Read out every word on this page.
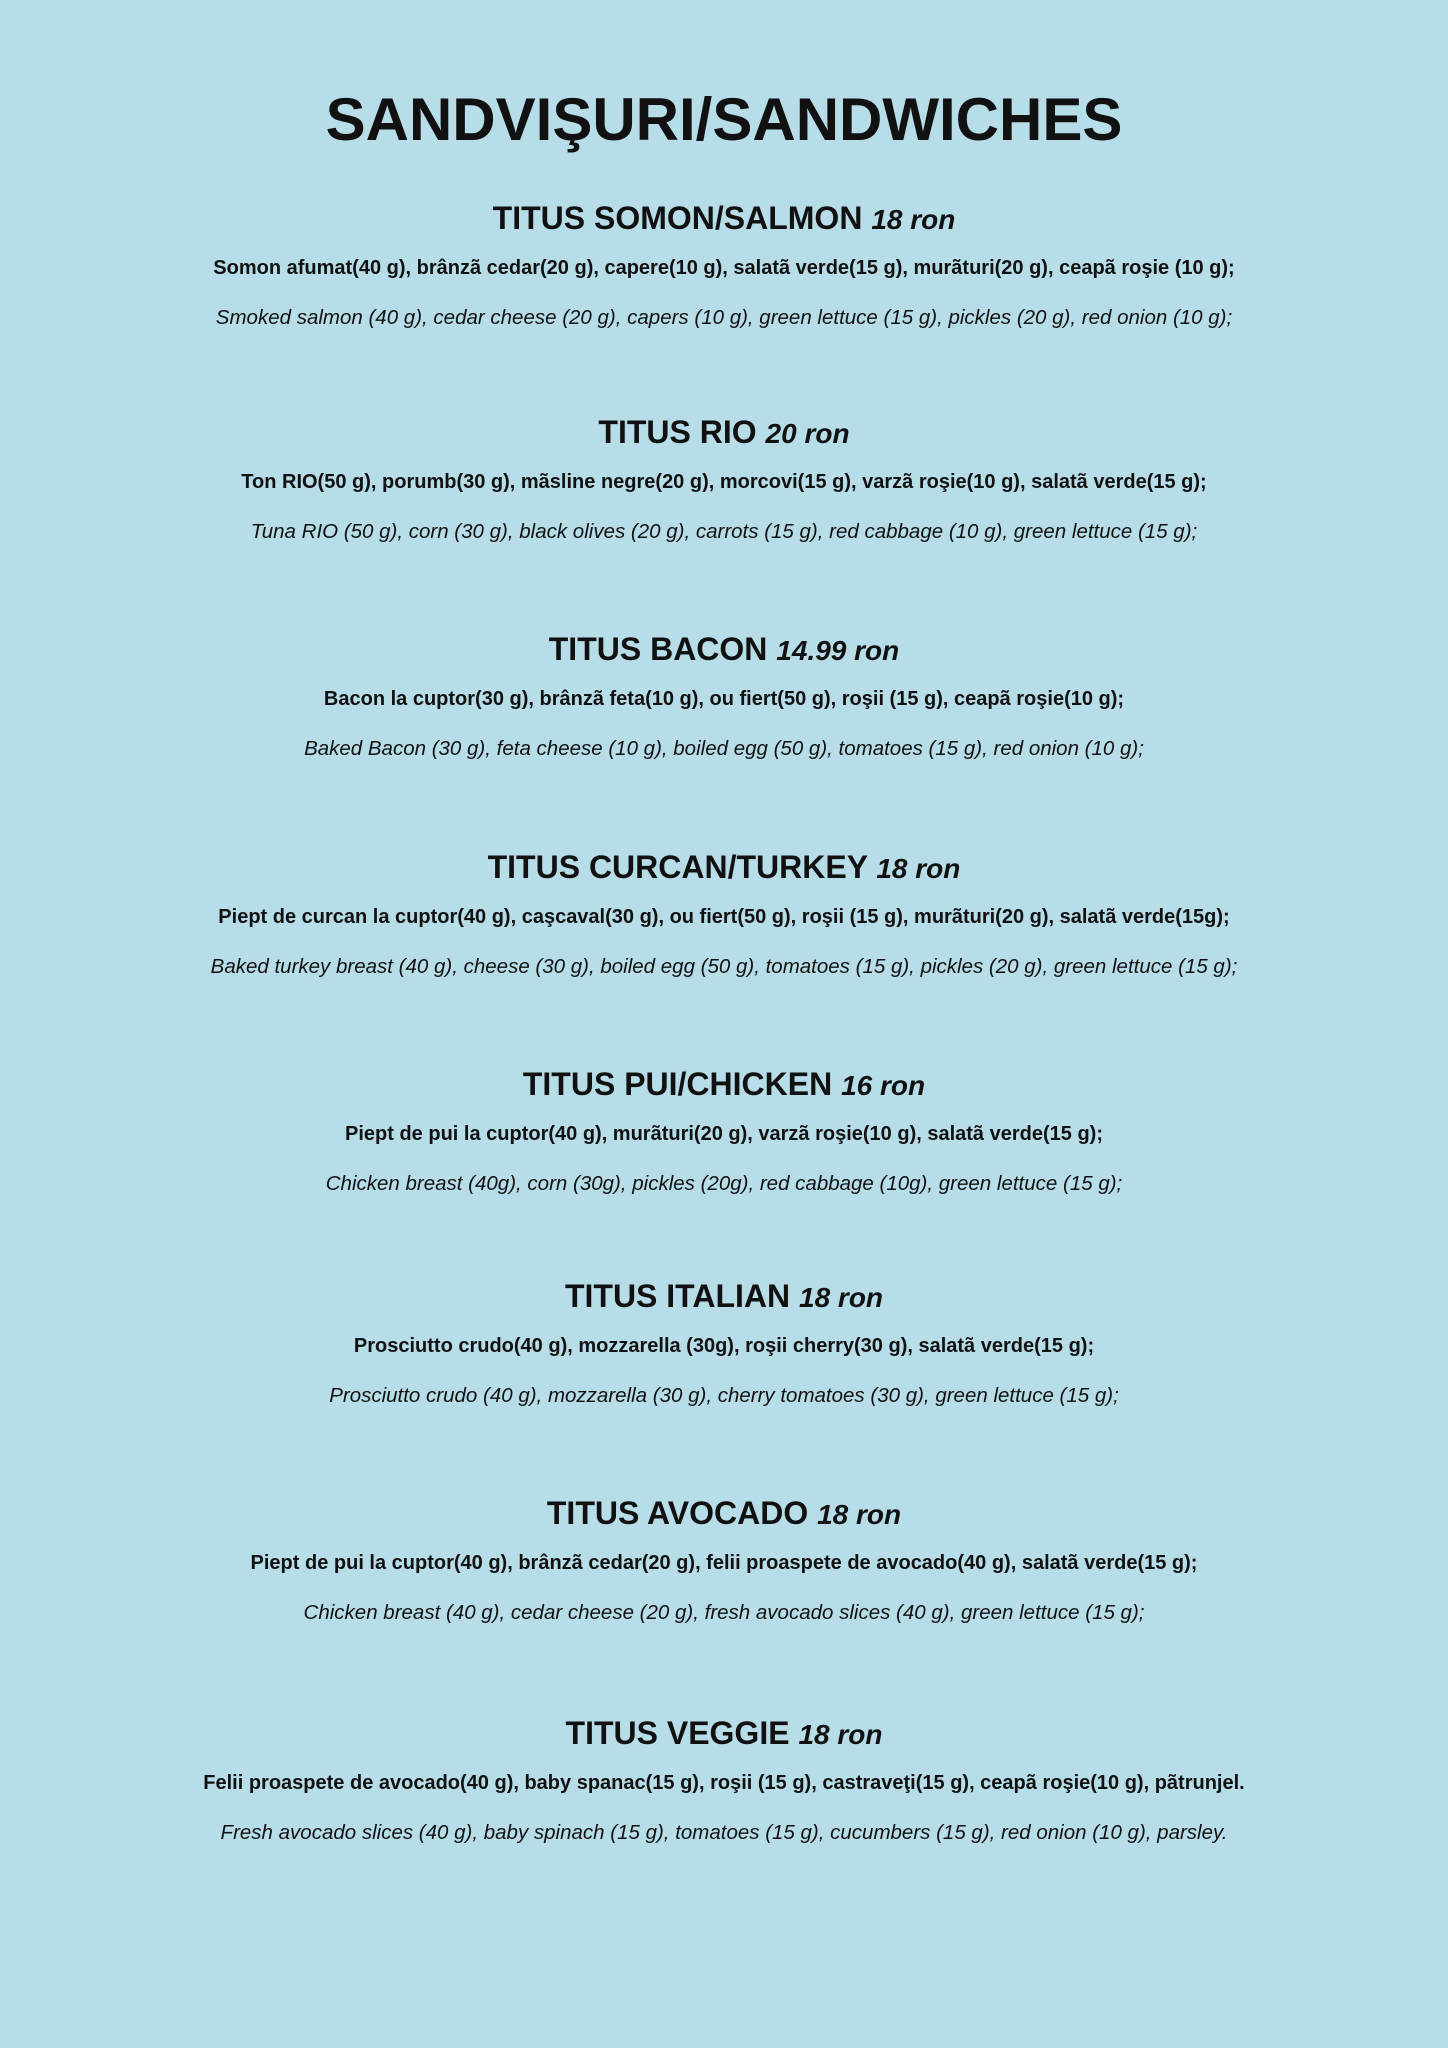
SANDVIŞURI/SANDWICHES

TITUS SOMON/SALMON 18 ron

Somon afumat(40 g), brânzã cedar(20 g), capere(10 g), salatã verde(15 g), murãturi(20 g), ceapã roşie (10 g);

Smoked salmon (40 g), cedar cheese (20 g), capers (10 g), green lettuce (15 g), pickles (20 g), red onion (10 g);

TITUS RIO 20 ron

Ton RIO(50 g), porumb(30 g), mãsline negre(20 g), morcovi(15 g), varzã roşie(10 g), salatã verde(15 g);

Tuna RIO (50 g), corn (30 g), black olives (20 g), carrots (15 g), red cabbage (10 g), green lettuce (15 g);

TITUS BACON 14.99 ron

Bacon la cuptor(30 g), brânzã feta(10 g), ou fiert(50 g), roşii (15 g), ceapã roşie(10 g);

Baked Bacon (30 g), feta cheese (10 g), boiled egg (50 g), tomatoes (15 g), red onion (10 g);

TITUS CURCAN/TURKEY 18 ron

Piept de curcan la cuptor(40 g), caşcaval(30 g), ou fiert(50 g), roşii (15 g), murãturi(20 g), salatã verde(15g);

Baked turkey breast (40 g), cheese (30 g), boiled egg (50 g), tomatoes (15 g), pickles (20 g), green lettuce (15 g);

TITUS PUI/CHICKEN 16 ron

Piept de pui la cuptor(40 g), murãturi(20 g), varzã roşie(10 g), salatã verde(15 g);

Chicken breast (40g), corn (30g), pickles (20g), red cabbage (10g), green lettuce (15 g);

TITUS ITALIAN 18 ron

Prosciutto crudo(40 g), mozzarella (30g), roşii cherry(30 g), salatã verde(15 g);

Prosciutto crudo (40 g), mozzarella (30 g), cherry tomatoes (30 g), green lettuce (15 g);

TITUS AVOCADO 18 ron

Piept de pui la cuptor(40 g), brânzã cedar(20 g), felii proaspete de avocado(40 g), salatã verde(15 g);

Chicken breast (40 g), cedar cheese (20 g), fresh avocado slices (40 g), green lettuce (15 g);

TITUS VEGGIE 18 ron

Felii proaspete de avocado(40 g), baby spanac(15 g), roşii (15 g), castraveţi(15 g), ceapã roşie(10 g), pãtrunjel.

Fresh avocado slices (40 g), baby spinach (15 g), tomatoes (15 g), cucumbers (15 g), red onion (10 g), parsley.
